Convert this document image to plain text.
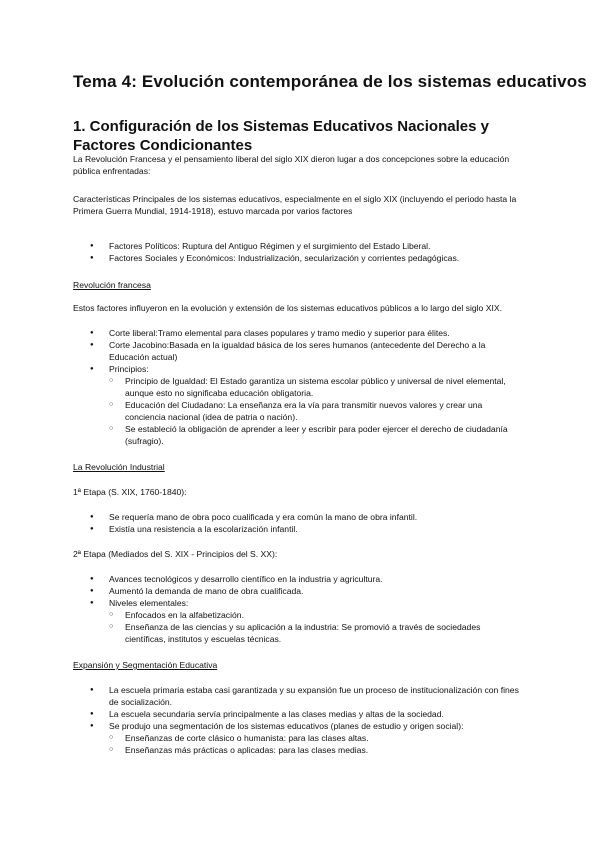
Tema 4: Evolución contemporánea de los sistemas educativos
1. Configuración de los Sistemas Educativos Nacionales y Factores Condicionantes
La Revolución Francesa y el pensamiento liberal del siglo XIX dieron lugar a dos concepciones sobre la educación pública enfrentadas:
Características Principales de los sistemas educativos, especialmente en el siglo XIX (incluyendo el periodo hasta la Primera Guerra Mundial, 1914-1918), estuvo marcada por varios factores
● Factores Políticos: Ruptura del Antiguo Régimen y el surgimiento del Estado Liberal.
● Factores Sociales y Económicos: Industrialización, secularización y corrientes pedagógicas.
Revolución francesa
Estos factores influyeron en la evolución y extensión de los sistemas educativos públicos a lo largo del siglo XIX.
● Corte liberal:Tramo elemental para clases populares y tramo medio y superior para élites.
● Corte Jacobino:Basada en la igualdad básica de los seres humanos (antecedente del Derecho a la Educación actual)
● Principios:
○ Principio de Igualdad: El Estado garantiza un sistema escolar público y universal de nivel elemental, aunque esto no significaba educación obligatoria.
○ Educación del Ciudadano: La enseñanza era la vía para transmitir nuevos valores y crear una conciencia nacional (idea de patria o nación).
○ Se estableció la obligación de aprender a leer y escribir para poder ejercer el derecho de ciudadanía (sufragio).
La Revolución Industrial
1ª Etapa (S. XIX, 1760-1840):
● Se requería mano de obra poco cualificada y era común la mano de obra infantil.
● Existía una resistencia a la escolarización infantil.
2ª Etapa (Mediados del S. XIX - Principios del S. XX):
● Avances tecnológicos y desarrollo científico en la industria y agricultura.
● Aumentó la demanda de mano de obra cualificada.
● Niveles elementales:
○ Enfocados en la alfabetización.
○ Enseñanza de las ciencias y su aplicación a la industria: Se promovió a través de sociedades científicas, institutos y escuelas técnicas.
Expansión y Segmentación Educativa
● La escuela primaria estaba casi garantizada y su expansión fue un proceso de institucionalización con fines de socialización.
● La escuela secundaria servía principalmente a las clases medias y altas de la sociedad.
● Se produjo una segmentación de los sistemas educativos (planes de estudio y origen social):
○ Enseñanzas de corte clásico o humanista: para las clases altas.
○ Enseñanzas más prácticas o aplicadas: para las clases medias.
